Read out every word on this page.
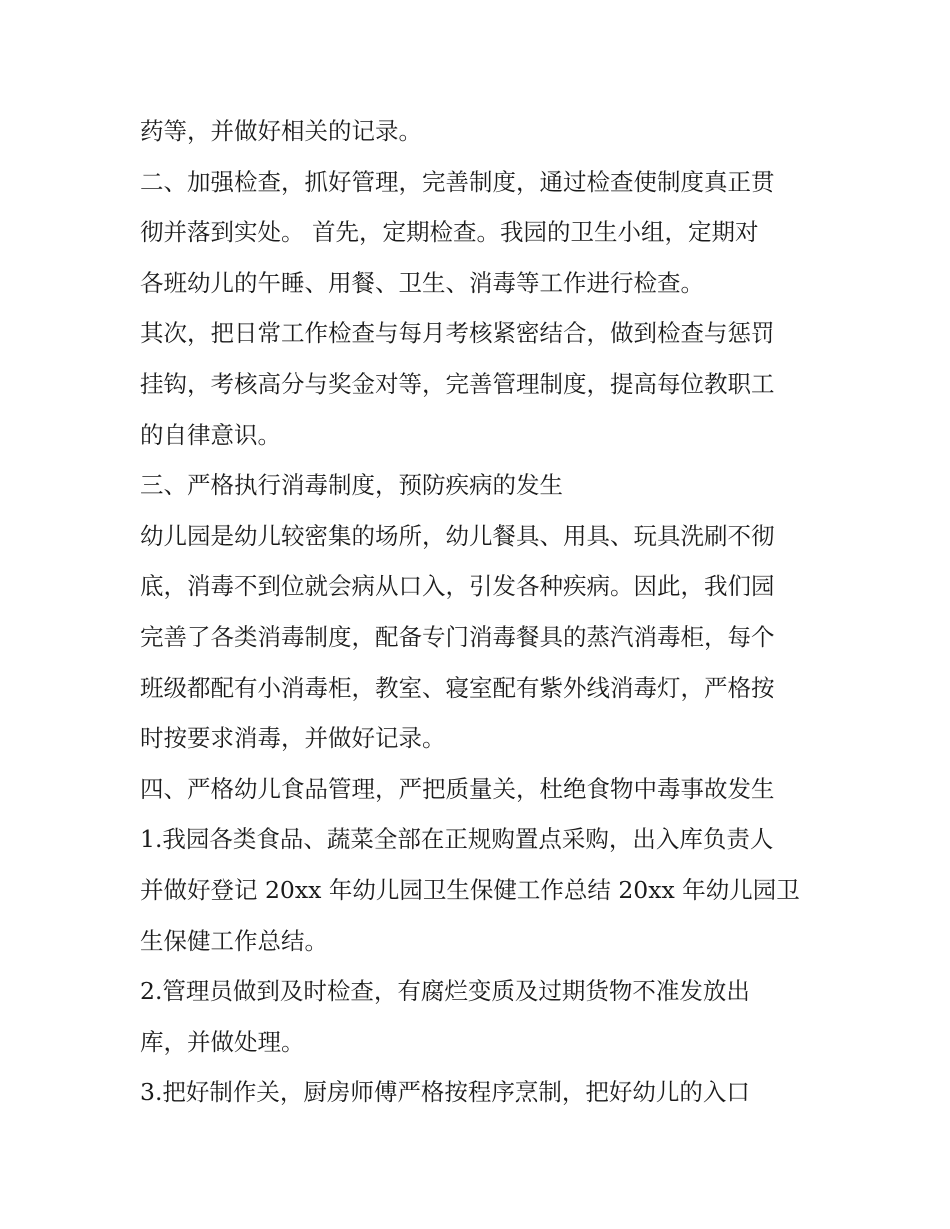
药等，并做好相关的记录。
二、加强检查，抓好管理，完善制度，通过检查使制度真正贯
彻并落到实处。 首先，定期检查。我园的卫生小组，定期对
各班幼儿的午睡、用餐、卫生、消毒等工作进行检查。
其次，把日常工作检查与每月考核紧密结合，做到检查与惩罚
挂钩，考核高分与奖金对等，完善管理制度，提高每位教职工
的自律意识。
三、严格执行消毒制度，预防疾病的发生
幼儿园是幼儿较密集的场所，幼儿餐具、用具、玩具洗刷不彻
底，消毒不到位就会病从口入，引发各种疾病。因此，我们园
完善了各类消毒制度，配备专门消毒餐具的蒸汽消毒柜，每个
班级都配有小消毒柜，教室、寝室配有紫外线消毒灯，严格按
时按要求消毒，并做好记录。
四、严格幼儿食品管理，严把质量关，杜绝食物中毒事故发生
1.我园各类食品、蔬菜全部在正规购置点采购，出入库负责人
并做好登记 20xx 年幼儿园卫生保健工作总结 20xx 年幼儿园卫
生保健工作总结。
2.管理员做到及时检查，有腐烂变质及过期货物不准发放出
库，并做处理。
3.把好制作关，厨房师傅严格按程序烹制，把好幼儿的入口
